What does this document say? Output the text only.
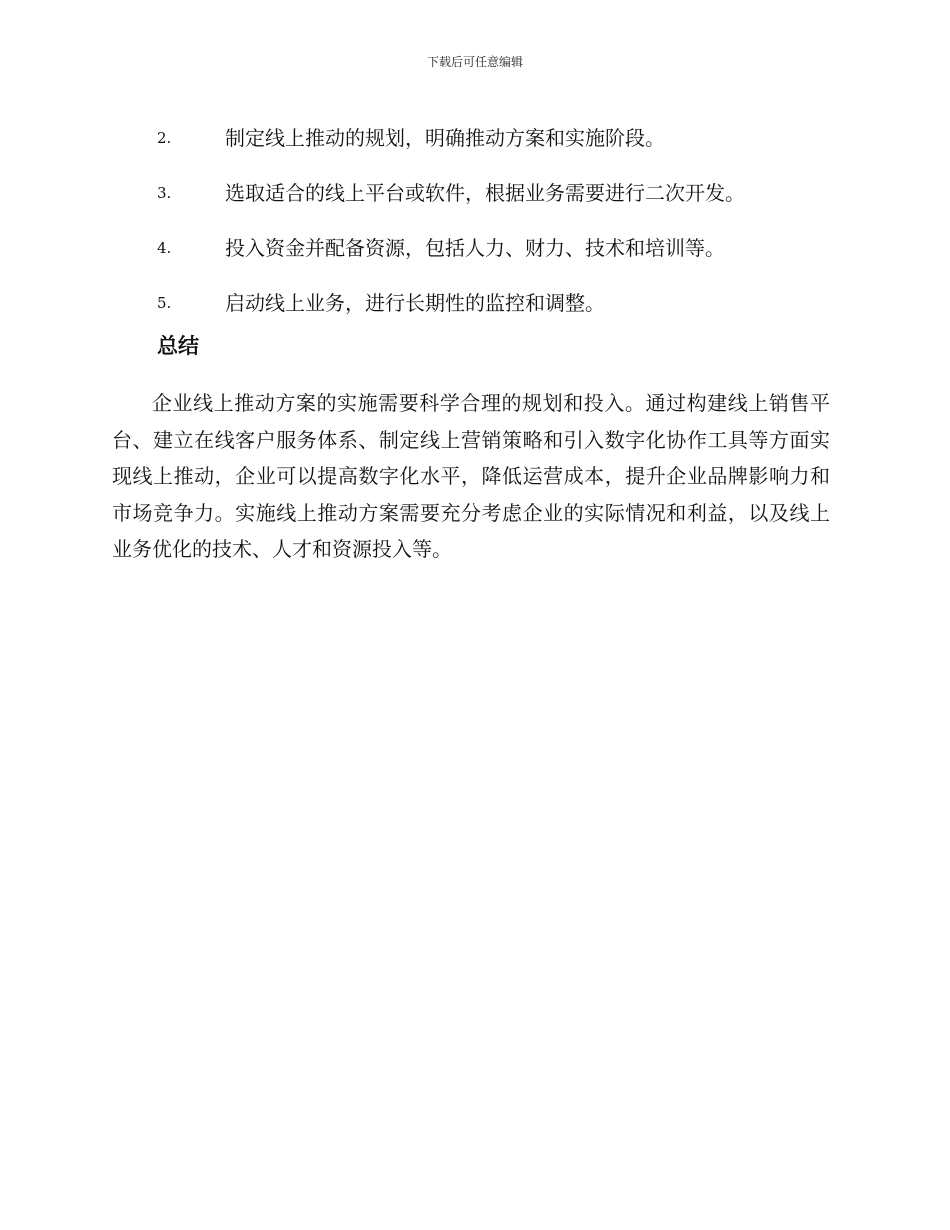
下载后可任意编辑
2.	制定线上推动的规划，明确推动方案和实施阶段。
3.	选取适合的线上平台或软件，根据业务需要进行二次开发。
4.	投入资金并配备资源，包括人力、财力、技术和培训等。
5.	启动线上业务，进行长期性的监控和调整。
总结

企业线上推动方案的实施需要科学合理的规划和投入。通过构建线上销售平台、建立在线客户服务体系、制定线上营销策略和引入数字化协作工具等方面实现线上推动，企业可以提高数字化水平，降低运营成本，提升企业品牌影响力和市场竞争力。实施线上推动方案需要充分考虑企业的实际情况和利益，以及线上业务优化的技术、人才和资源投入等。
